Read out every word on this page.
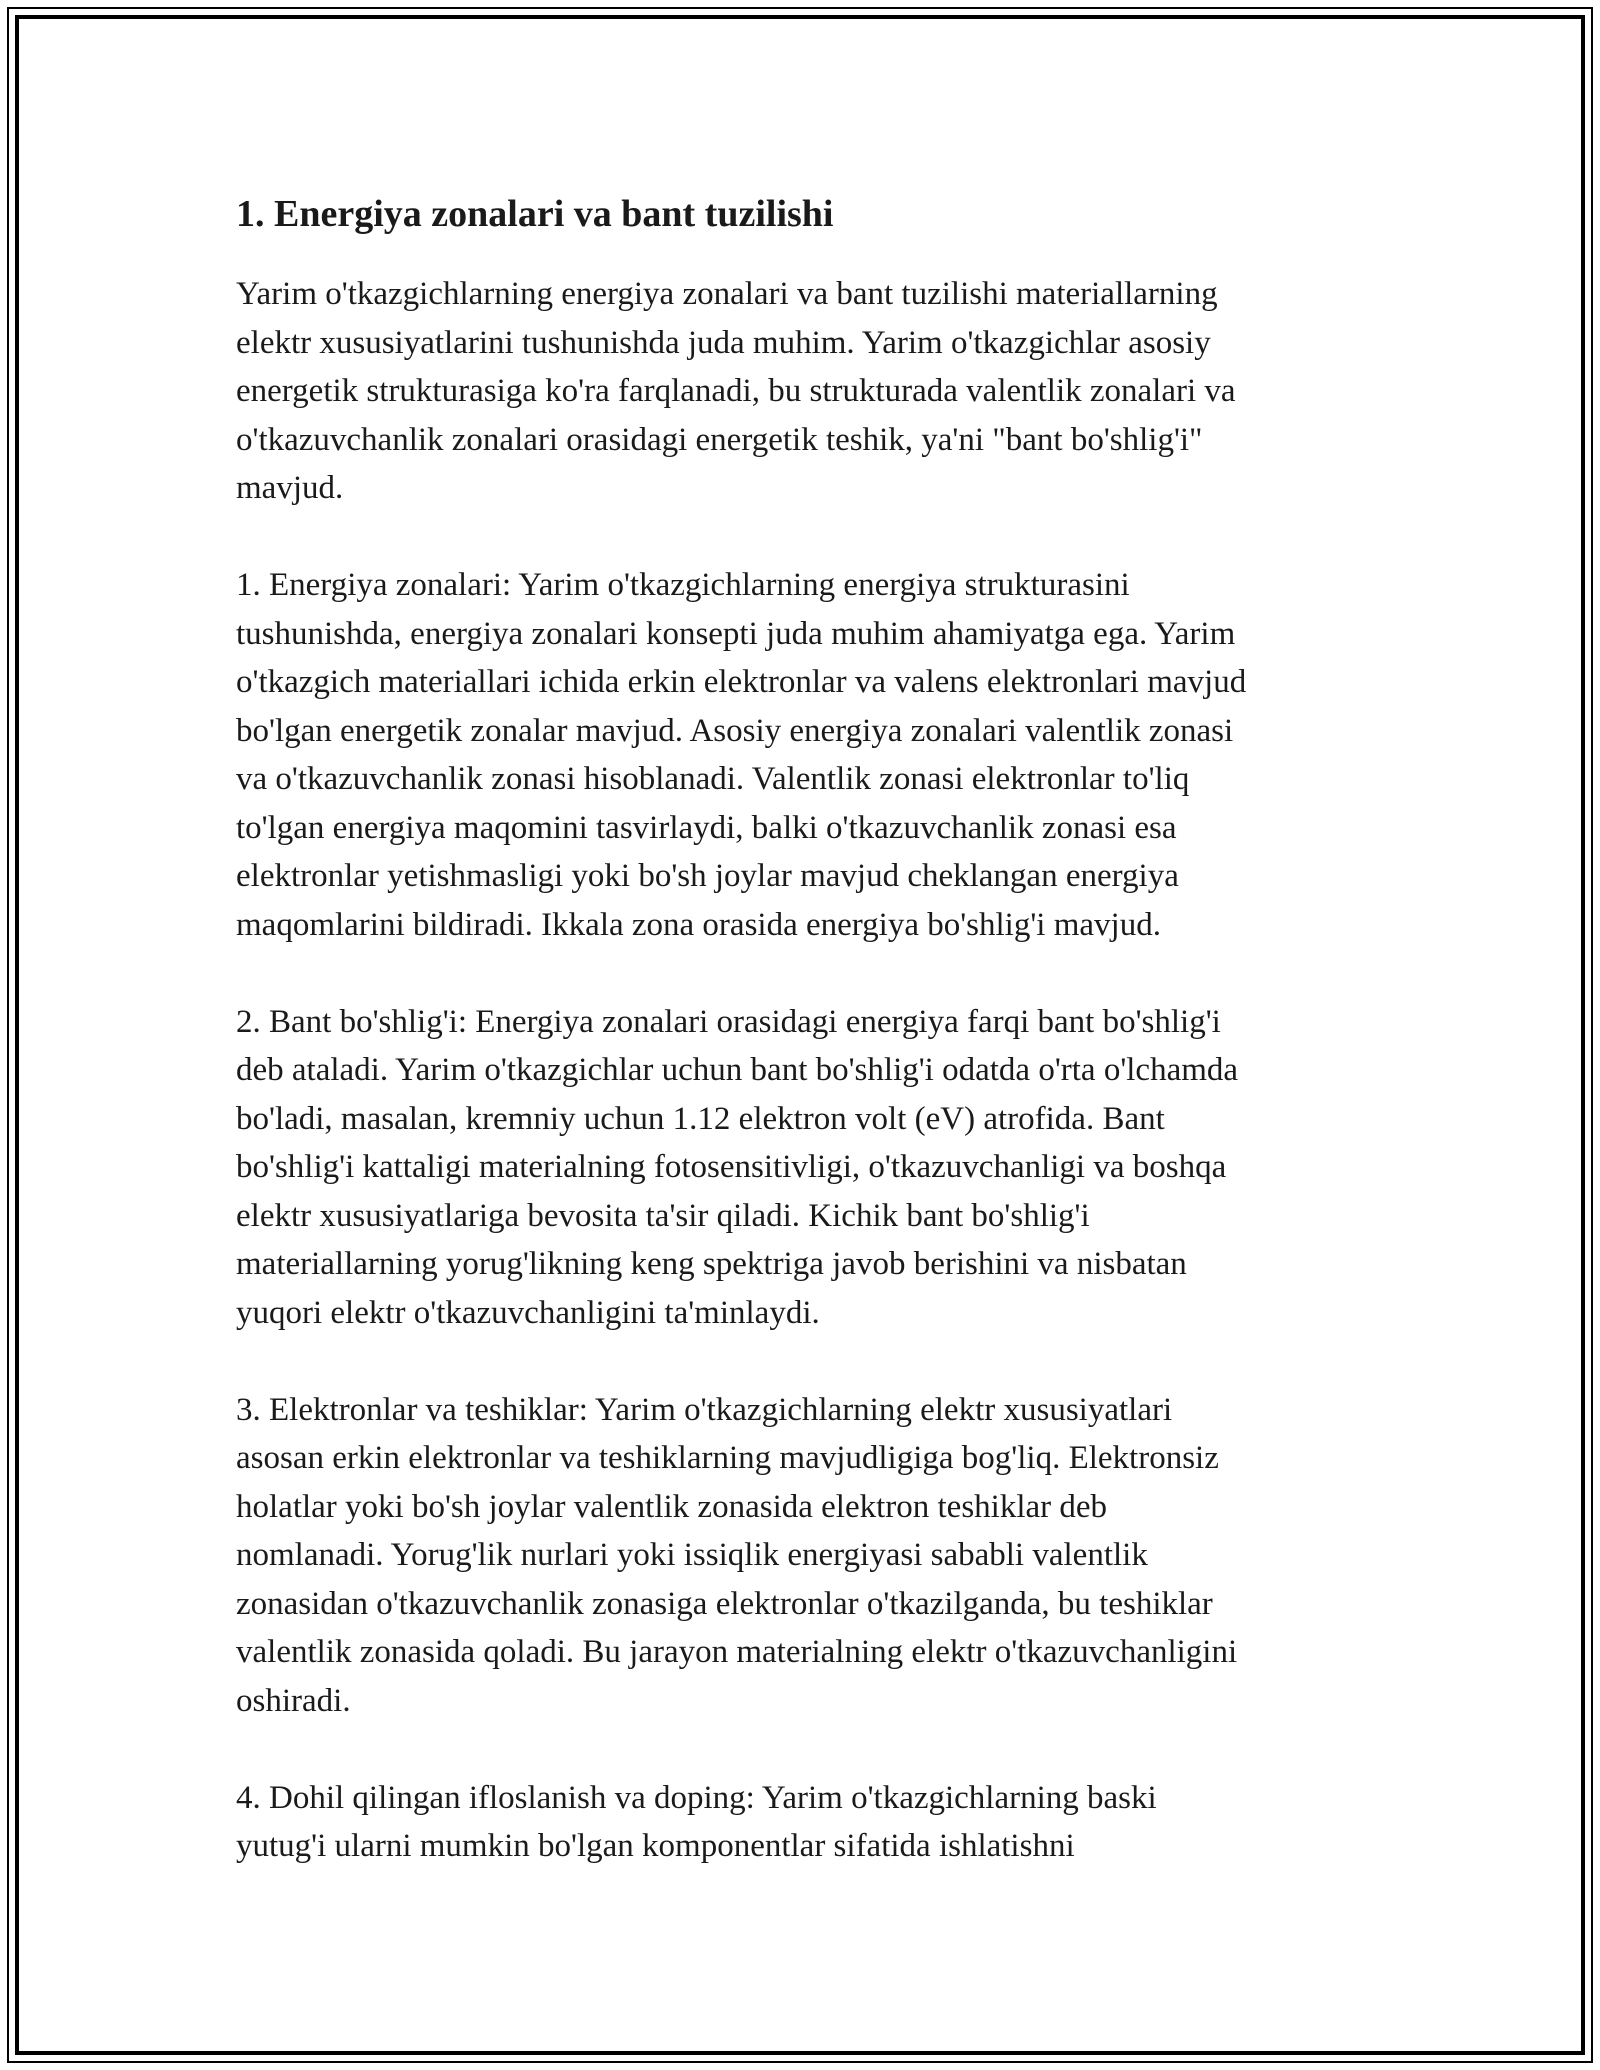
1. Energiya zonalari va bant tuzilishi

Yarim o'tkazgichlarning energiya zonalari va bant tuzilishi materiallarning
elektr xususiyatlarini tushunishda juda muhim. Yarim o'tkazgichlar asosiy
energetik strukturasiga ko'ra farqlanadi, bu strukturada valentlik zonalari va
o'tkazuvchanlik zonalari orasidagi energetik teshik, ya'ni "bant bo'shlig'i"
mavjud.

1. Energiya zonalari: Yarim o'tkazgichlarning energiya strukturasini
tushunishda, energiya zonalari konsepti juda muhim ahamiyatga ega. Yarim
o'tkazgich materiallari ichida erkin elektronlar va valens elektronlari mavjud
bo'lgan energetik zonalar mavjud. Asosiy energiya zonalari valentlik zonasi
va o'tkazuvchanlik zonasi hisoblanadi. Valentlik zonasi elektronlar to'liq
to'lgan energiya maqomini tasvirlaydi, balki o'tkazuvchanlik zonasi esa
elektronlar yetishmasligi yoki bo'sh joylar mavjud cheklangan energiya
maqomlarini bildiradi. Ikkala zona orasida energiya bo'shlig'i mavjud.

2. Bant bo'shlig'i: Energiya zonalari orasidagi energiya farqi bant bo'shlig'i
deb ataladi. Yarim o'tkazgichlar uchun bant bo'shlig'i odatda o'rta o'lchamda
bo'ladi, masalan, kremniy uchun 1.12 elektron volt (eV) atrofida. Bant
bo'shlig'i kattaligi materialning fotosensitivligi, o'tkazuvchanligi va boshqa
elektr xususiyatlariga bevosita ta'sir qiladi. Kichik bant bo'shlig'i
materiallarning yorug'likning keng spektriga javob berishini va nisbatan
yuqori elektr o'tkazuvchanligini ta'minlaydi.

3. Elektronlar va teshiklar: Yarim o'tkazgichlarning elektr xususiyatlari
asosan erkin elektronlar va teshiklarning mavjudligiga bog'liq. Elektronsiz
holatlar yoki bo'sh joylar valentlik zonasida elektron teshiklar deb
nomlanadi. Yorug'lik nurlari yoki issiqlik energiyasi sababli valentlik
zonasidan o'tkazuvchanlik zonasiga elektronlar o'tkazilganda, bu teshiklar
valentlik zonasida qoladi. Bu jarayon materialning elektr o'tkazuvchanligini
oshiradi.

4. Dohil qilingan ifloslanish va doping: Yarim o'tkazgichlarning baski
yutug'i ularni mumkin bo'lgan komponentlar sifatida ishlatishni
